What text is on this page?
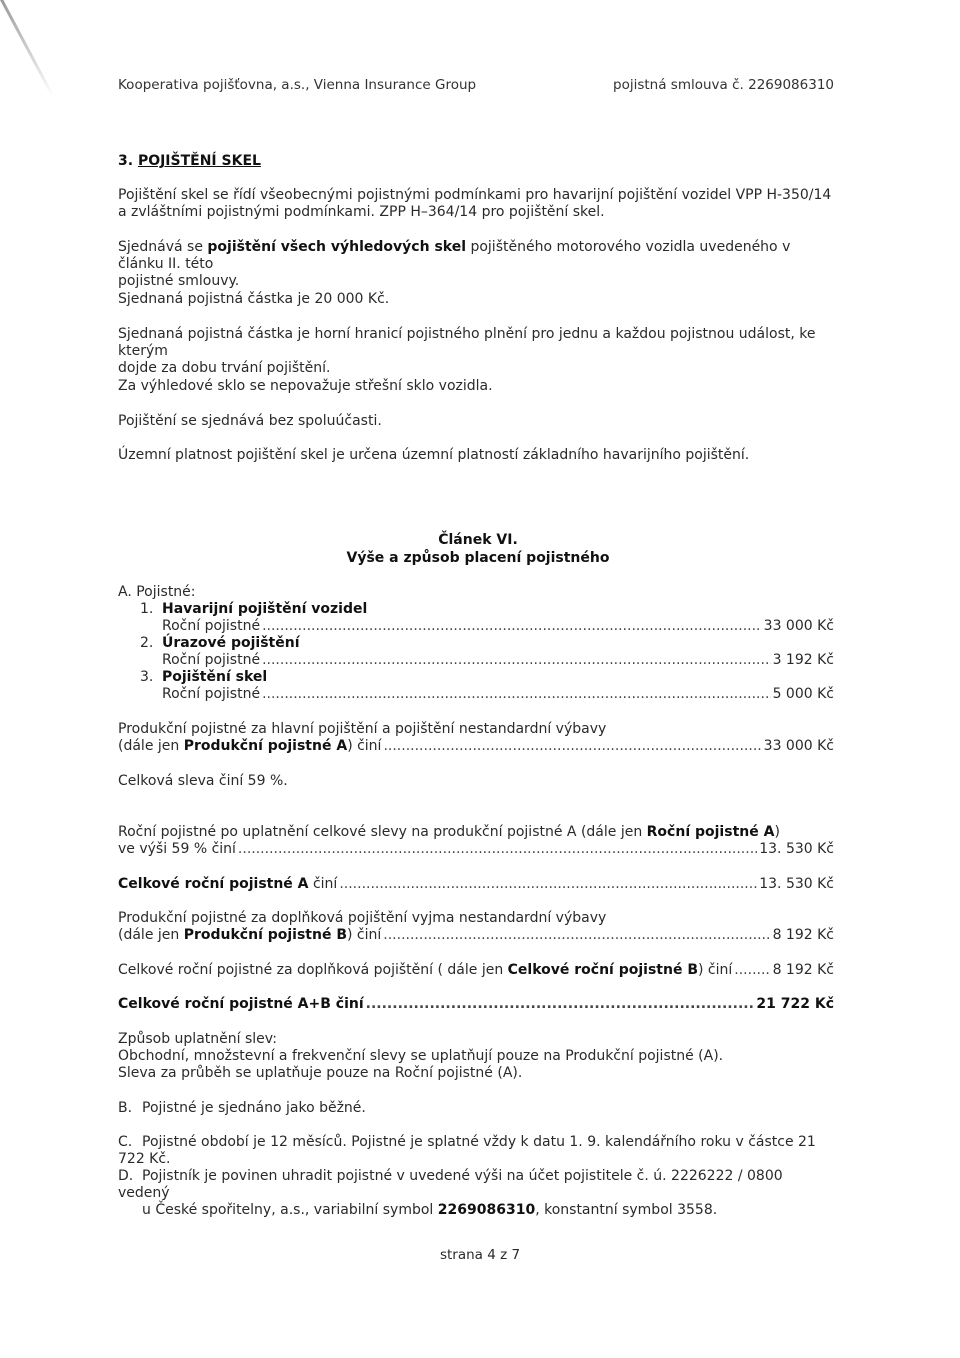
Kooperativa pojišťovna, a.s., Vienna Insurance Group	pojistná smlouva č. 2269086310
3. POJIŠTĚNÍ SKEL
Pojištění skel se řídí všeobecnými pojistnými podmínkami pro havarijní pojištění vozidel VPP H-350/14
a zvláštními pojistnými podmínkami. ZPP H–364/14 pro pojištění skel.
Sjednává se pojištění všech výhledových skel pojištěného motorového vozidla uvedeného v článku II. této
pojistné smlouvy.
Sjednaná pojistná částka je 20 000 Kč.
Sjednaná pojistná částka je horní hranicí pojistného plnění pro jednu a každou pojistnou událost, ke kterým
dojde za dobu trvání pojištění.
Za výhledové sklo se nepovažuje střešní sklo vozidla.
Pojištění se sjednává bez spoluúčasti.
Územní platnost pojištění skel je určena územní platností základního havarijního pojištění.
Článek VI.
Výše a způsob placení pojistného
A. Pojistné:
1. Havarijní pojištění vozidel
Roční pojistné .....	33 000 Kč
2. Úrazové pojištění
Roční pojistné .....	3 192 Kč
3. Pojištění skel
Roční pojistné .....	5 000 Kč
Produkční pojistné za hlavní pojištění a pojištění nestandardní výbavy
(dále jen Produkční pojistné A) činí .....	33 000 Kč
Celková sleva činí 59 %.
Roční pojistné po uplatnění celkové slevy na produkční pojistné A (dále jen Roční pojistné A)
ve výši 59 % činí .....	13. 530 Kč
Celkové roční pojistné A činí .....	13. 530 Kč
Produkční pojistné za doplňková pojištění vyjma nestandardní výbavy
(dále jen Produkční pojistné B) činí .....	8 192 Kč
Celkové roční pojistné za doplňková pojištění ( dále jen Celkové roční pojistné B) činí .....	8 192 Kč
Celkové roční pojistné A+B činí .....	21 722 Kč
Způsob uplatnění slev:
Obchodní, množstevní a frekvenční slevy se uplatňují pouze na Produkční pojistné (A).
Sleva za průběh se uplatňuje pouze na Roční pojistné (A).
B. Pojistné je sjednáno jako běžné.
C. Pojistné období je 12 měsíců. Pojistné je splatné vždy k datu 1. 9. kalendářního roku v částce 21 722 Kč.
D. Pojistník je povinen uhradit pojistné v uvedené výši na účet pojistitele č. ú. 2226222 / 0800 vedený
u České spořitelny, a.s., variabilní symbol 2269086310, konstantní symbol 3558.
strana 4 z 7
